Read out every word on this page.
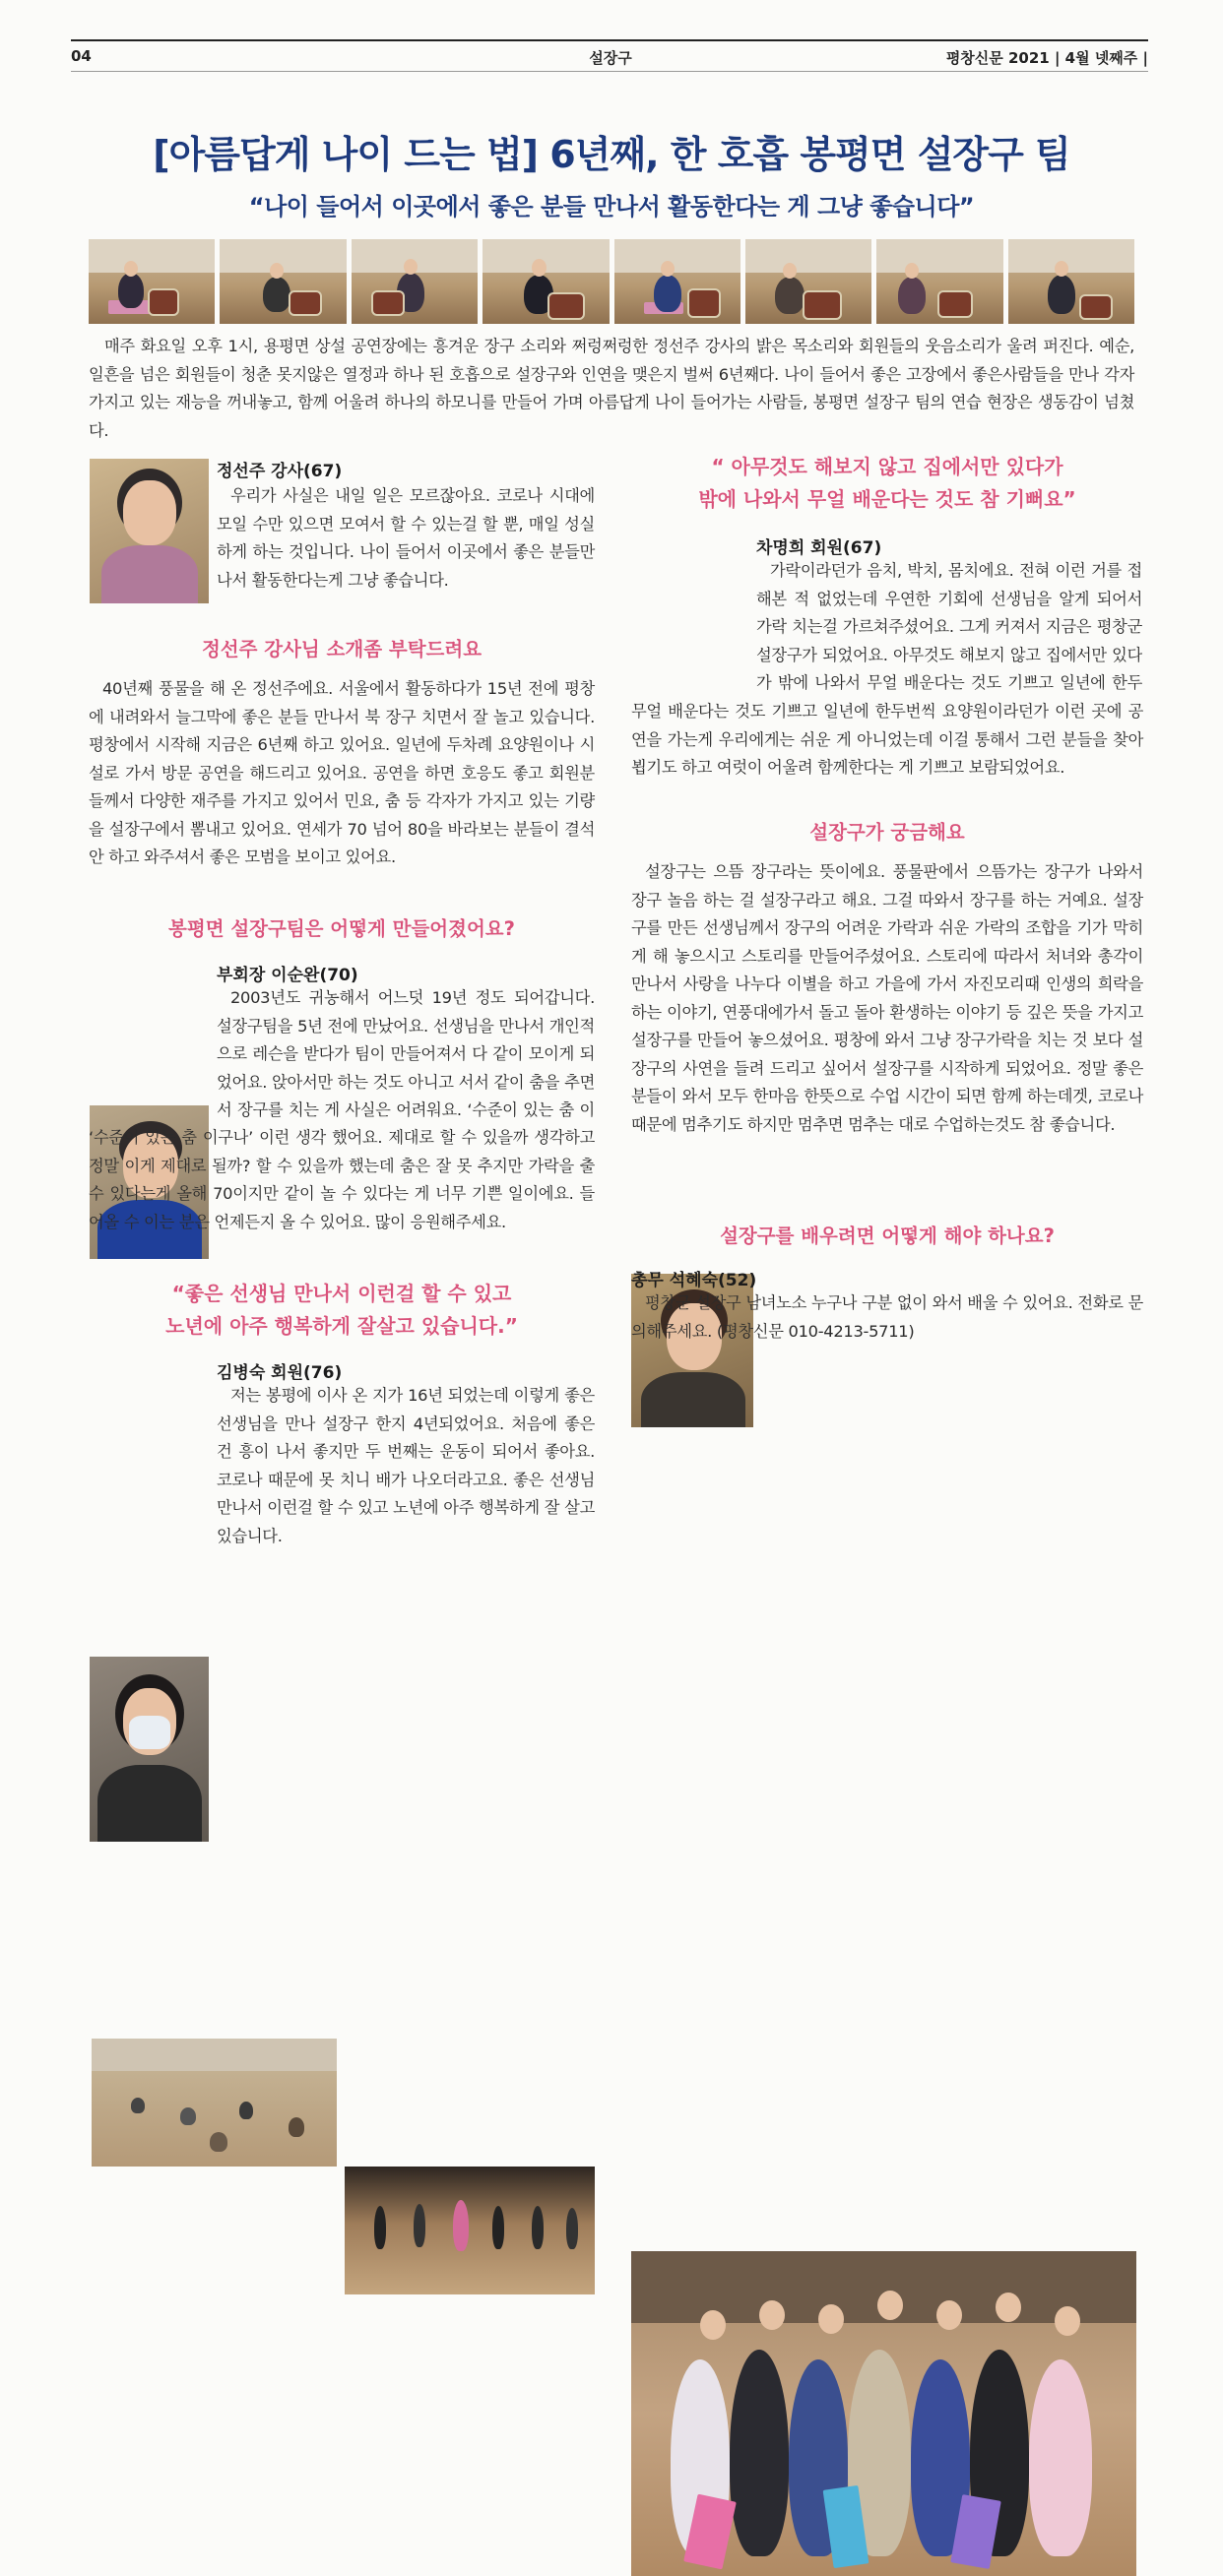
04	설장구	평창신문 2021 | 4월 넷째주 |
[아름답게 나이 드는 법] 6년째, 한 호흡 봉평면 설장구 팀
“나이 들어서 이곳에서 좋은 분들 만나서 활동한다는 게 그냥 좋습니다”
매주 화요일 오후 1시, 용평면 상설 공연장에는 흥겨운 장구 소리와 쩌렁쩌렁한 정선주 강사의 밝은 목소리와 회원들의 웃음소리가 울려 퍼진다. 예순, 일흔을 넘은 회원들이 청춘 못지않은 열정과 하나 된 호흡으로 설장구와 인연을 맺은지 벌써 6년째다. 나이 들어서 좋은 고장에서 좋은사람들을 만나 각자 가지고 있는 재능을 꺼내놓고, 함께 어울려 하나의 하모니를 만들어 가며 아름답게 나이 들어가는 사람들, 봉평면 설장구 팀의 연습 현장은 생동감이 넘쳤다.
정선주 강사(67)
우리가 사실은 내일 일은 모르잖아요. 코로나 시대에 모일 수만 있으면 모여서 할 수 있는걸 할 뿐, 매일 성실하게 하는 것입니다. 나이 들어서 이곳에서 좋은 분들만나서 활동한다는게 그냥 좋습니다.
정선주 강사님 소개좀 부탁드려요
40년째 풍물을 해 온 정선주에요. 서울에서 활동하다가 15년 전에 평창에 내려와서 늘그막에 좋은 분들 만나서 북 장구 치면서 잘 놀고 있습니다. 평창에서 시작해 지금은 6년째 하고 있어요. 일년에 두차례 요양원이나 시설로 가서 방문 공연을 해드리고 있어요. 공연을 하면 호응도 좋고 회원분들께서 다양한 재주를 가지고 있어서 민요, 춤 등 각자가 가지고 있는 기량을 설장구에서 뽐내고 있어요. 연세가 70 넘어 80을 바라보는 분들이 결석 안 하고 와주셔서 좋은 모범을 보이고 있어요.
봉평면 설장구팀은 어떻게 만들어졌어요?
부회장 이순완(70)
2003년도 귀농해서 어느덧 19년 정도 되어갑니다. 설장구팀을 5년 전에 만났어요. 선생님을 만나서 개인적으로 레슨을 받다가 팀이 만들어져서 다 같이 모이게 되었어요. 앉아서만 하는 것도 아니고 서서 같이 춤을 추면서 장구를 치는 게 사실은 어려워요. ‘수준이 있는 춤 이
‘수준이 있는 춤 이구나’ 이런 생각 했어요. 제대로 할 수 있을까 생각하고 정말 이게 제대로 될까? 할 수 있을까 했는데 춤은 잘 못 추지만 가락을 출 수 있다는게 올해 70이지만 같이 놀 수 있다는 게 너무 기쁜 일이에요. 들어올 수 이는 분은 언제든지 올 수 있어요. 많이 응원해주세요.
“좋은 선생님 만나서 이런걸 할 수 있고
노년에 아주 행복하게 잘살고 있습니다.”
김병숙 회원(76)
저는 봉평에 이사 온 지가 16년 되었는데 이렇게 좋은 선생님을 만나 설장구 한지 4년되었어요. 처음에 좋은 건 흥이 나서 좋지만 두 번째는 운동이 되어서 좋아요. 코로나 때문에 못 치니 배가 나오더라고요. 좋은 선생님 만나서 이런걸 할 수 있고 노년에 아주 행복하게 잘 살고 있습니다.
“ 아무것도 해보지 않고 집에서만 있다가
밖에 나와서 무얼 배운다는 것도 참 기뻐요”
차명희 회원(67)
가락이라던가 음치, 박치, 몸치에요. 전혀 이런 거를 접해본 적 없었는데 우연한 기회에 선생님을 알게 되어서 가락 치는걸 가르쳐주셨어요. 그게 커져서 지금은 평창군 설장구가 되었어요. 아무것도 해보지 않고 집에서만 있다가 밖에 나와서 무얼 배운다는 것도 기쁘고 일년에 한두
무얼 배운다는 것도 기쁘고 일년에 한두번씩 요양원이라던가 이런 곳에 공연을 가는게 우리에게는 쉬운 게 아니었는데 이걸 통해서 그런 분들을 찾아뵙기도 하고 여럿이 어울려 함께한다는 게 기쁘고 보람되었어요.
설장구가 궁금해요
설장구는 으뜸 장구라는 뜻이에요. 풍물판에서 으뜸가는 장구가 나와서 장구 놀음 하는 걸 설장구라고 해요. 그걸 따와서 장구를 하는 거예요. 설장구를 만든 선생님께서 장구의 어려운 가락과 쉬운 가락의 조합을 기가 막히게 해 놓으시고 스토리를 만들어주셨어요. 스토리에 따라서 처녀와 총각이 만나서 사랑을 나누다 이별을 하고 가을에 가서 자진모리때 인생의 희락을 하는 이야기, 연풍대에가서 돌고 돌아 환생하는 이야기 등 깊은 뜻을 가지고 설장구를 만들어 놓으셨어요. 평창에 와서 그냥 장구가락을 치는 것 보다 설장구의 사연을 들려 드리고 싶어서 설장구를 시작하게 되었어요. 정말 좋은 분들이 와서 모두 한마음 한뜻으로 수업 시간이 되면 함께 하는데겟, 코로나 때문에 멈추기도 하지만 멈추면 멈추는 대로 수업하는것도 참 좋습니다.
설장구를 배우려면 어떻게 해야 하나요?
총무 석혜숙(52)
평창군 설장구 남녀노소 누구나 구분 없이 와서 배울 수 있어요. 전화로 문의해주세요. (평창신문 010-4213-5711)
